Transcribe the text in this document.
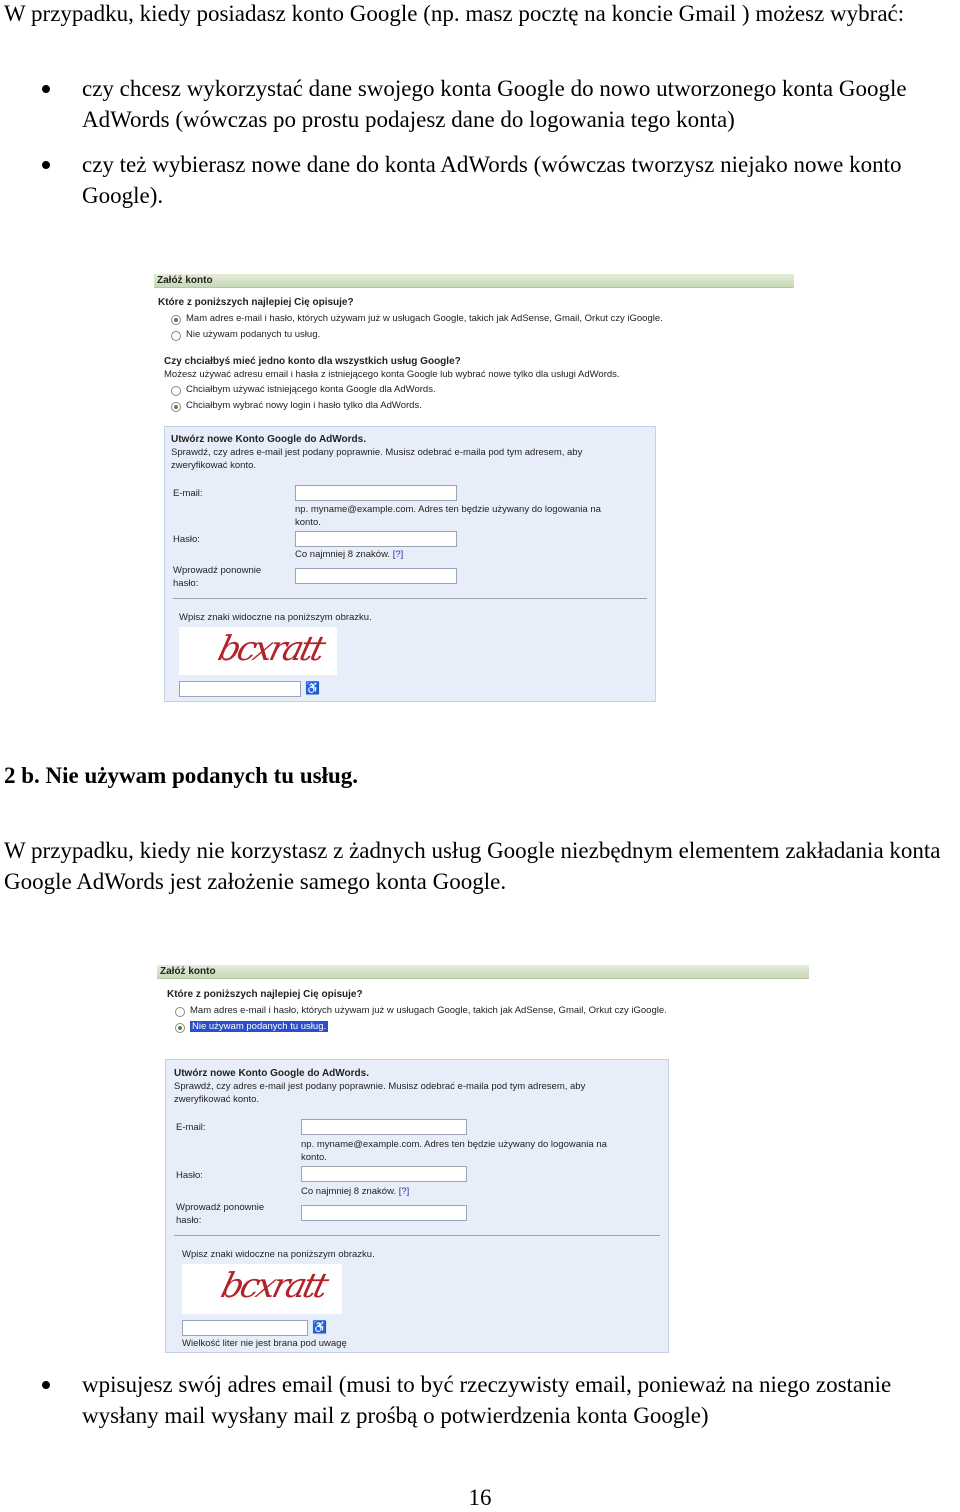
W przypadku, kiedy posiadasz konto Google (np. masz pocztę na koncie Gmail ) możesz wybrać:

czy chcesz wykorzystać dane swojego konta Google do nowo utworzonego konta Google AdWords (wówczas po prostu podajesz dane do logowania tego konta)
czy też wybierasz nowe dane do konta AdWords (wówczas tworzysz niejako nowe konto Google).
Załóż konto
Które z poniższych najlepiej Cię opisuje?
Mam adres e-mail i hasło, których używam już w usługach Google, takich jak AdSense, Gmail, Orkut czy iGoogle.
Nie używam podanych tu usług.
Czy chciałbyś mieć jedno konto dla wszystkich usług Google?
Możesz używać adresu email i hasła z istniejącego konta Google lub wybrać nowe tylko dla usługi AdWords.
Chciałbym używać istniejącego konta Google dla AdWords.
Chciałbym wybrać nowy login i hasło tylko dla AdWords.
Utwórz nowe Konto Google do AdWords.
Sprawdź, czy adres e-mail jest podany poprawnie. Musisz odebrać e-maila pod tym adresem, aby
zweryfikować konto.
E-mail:
np. myname@example.com. Adres ten będzie używany do logowania na
konto.
Hasło:
Co najmniej 8 znaków. [?]
Wprowadź ponownie
hasło:
Wpisz znaki widoczne na poniższym obrazku.
bcxratt
♿
2 b. Nie używam podanych tu usług.

W przypadku, kiedy nie korzystasz z żadnych usług Google niezbędnym elementem zakładania konta Google AdWords jest założenie samego konta Google.

Załóż konto
Które z poniższych najlepiej Cię opisuje?
Mam adres e-mail i hasło, których używam już w usługach Google, takich jak AdSense, Gmail, Orkut czy iGoogle.
Nie używam podanych tu usług.
Utwórz nowe Konto Google do AdWords.
Sprawdź, czy adres e-mail jest podany poprawnie. Musisz odebrać e-maila pod tym adresem, aby
zweryfikować konto.
E-mail:
np. myname@example.com. Adres ten będzie używany do logowania na
konto.
Hasło:
Co najmniej 8 znaków. [?]
Wprowadź ponownie
hasło:
Wpisz znaki widoczne na poniższym obrazku.
bcxratt
♿
Wielkość liter nie jest brana pod uwagę
wpisujesz swój adres email (musi to być rzeczywisty email, ponieważ na niego zostanie wysłany mail wysłany mail z prośbą o potwierdzenia konta Google)
16
